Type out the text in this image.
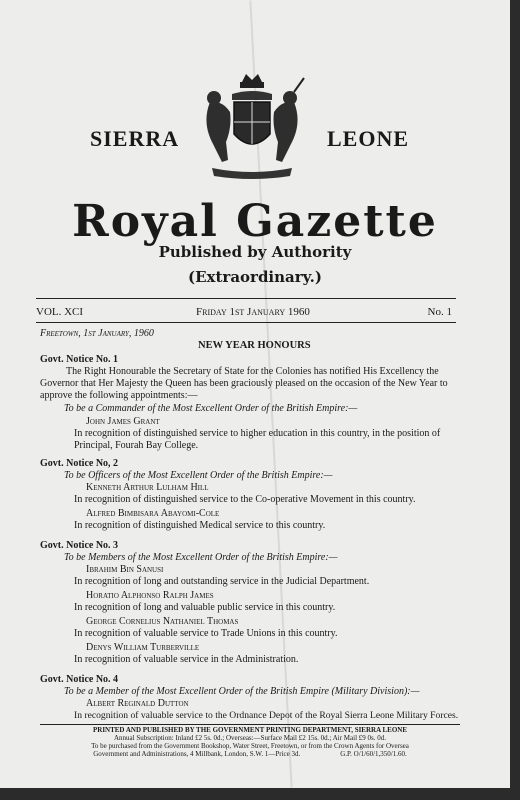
SIERRA	LEONE
Royal Gazette
Published by Authority
(Extraordinary.)
VOL. XCI	Friday 1st January 1960	No. 1
Freetown, 1st January, 1960
NEW YEAR HONOURS
Govt. Notice No. 1
The Right Honourable the Secretary of State for the Colonies has notified His Excellency the Governor that Her Majesty the Queen has been graciously pleased on the occasion of the New Year to approve the following appointments:—
To be a Commander of the Most Excellent Order of the British Empire:—
John James Grant
In recognition of distinguished service to higher education in this country, in the position of Principal, Fourah Bay College.
Govt. Notice No, 2
To be Officers of the Most Excellent Order of the British Empire:—
Kenneth Arthur Lulham Hill
In recognition of distinguished service to the Co-operative Movement in this country.
Alfred Bimbisara Abayomi-Cole
In recognition of distinguished Medical service to this country.
Govt. Notice No. 3
To be Members of the Most Excellent Order of the British Empire:—
Ibrahim Bin Sanusi
In recognition of long and outstanding service in the Judicial Department.
Horatio Alphonso Ralph James
In recognition of long and valuable public service in this country.
George Cornelius Nathaniel Thomas
In recognition of valuable service to Trade Unions in this country.
Denys William Turberville
In recognition of valuable service in the Administration.
Govt. Notice No. 4
To be a Member of the Most Excellent Order of the British Empire (Military Division):—
Albert Reginald Dutton
In recognition of valuable service to the Ordnance Depot of the Royal Sierra Leone Military Forces.
PRINTED AND PUBLISHED BY THE GOVERNMENT PRINTING DEPARTMENT, SIERRA LEONE
Annual Subscription: Inland £2 5s. 0d.; Overseas:—Surface Mail £2 15s. 0d.; Air Mail £9 0s. 0d.
To be purchased from the Government Bookshop, Water Street, Freetown, or from the Crown Agents for Oversea
Government and Administrations, 4 Millbank, London, S.W. 1—Price 3d.	G.P. O/1/60/1,350/1.60.
